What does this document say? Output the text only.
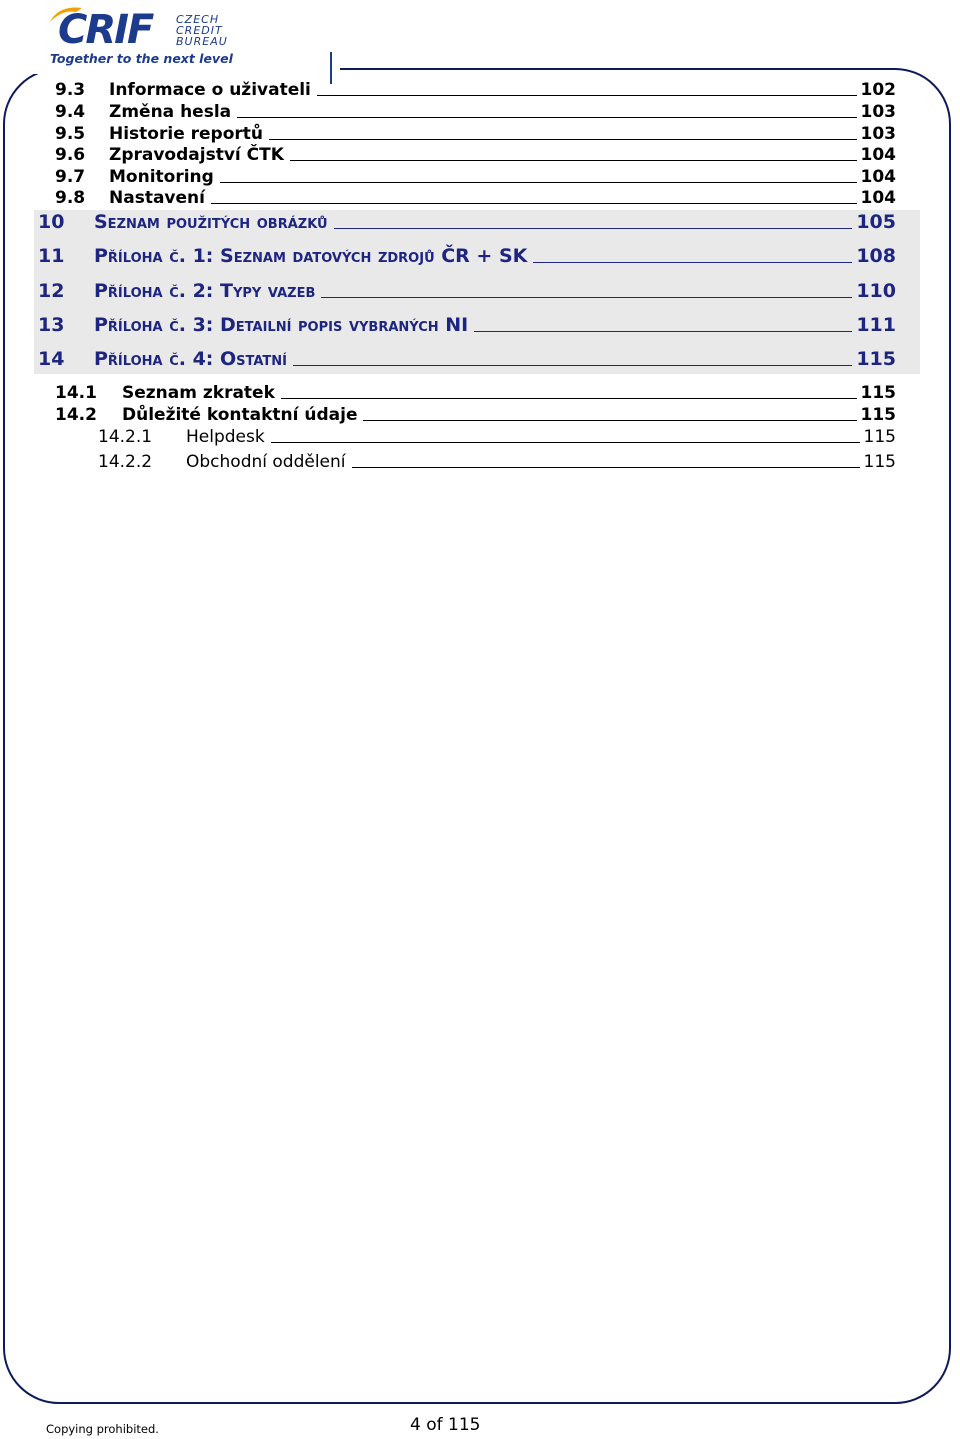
CRIF CZECH
CREDIT
BUREAU
Together to the next level
9.3	Informace o uživateli	102
9.4	Změna hesla	103
9.5	Historie reportů	103
9.6	Zpravodajství ČTK	104
9.7	Monitoring	104
9.8	Nastavení	104
10	Seznam použitých obrázků	105
11	Příloha č. 1: Seznam datových zdrojů ČR + SK	108
12	Příloha č. 2: Typy vazeb	110
13	Příloha č. 3: Detailní popis vybraných NI	111
14	Příloha č. 4: Ostatní	115
14.1	Seznam zkratek	115
14.2	Důležité kontaktní údaje	115
14.2.1	Helpdesk	115
14.2.2	Obchodní oddělení	115
Copying prohibited.	4 of 115
